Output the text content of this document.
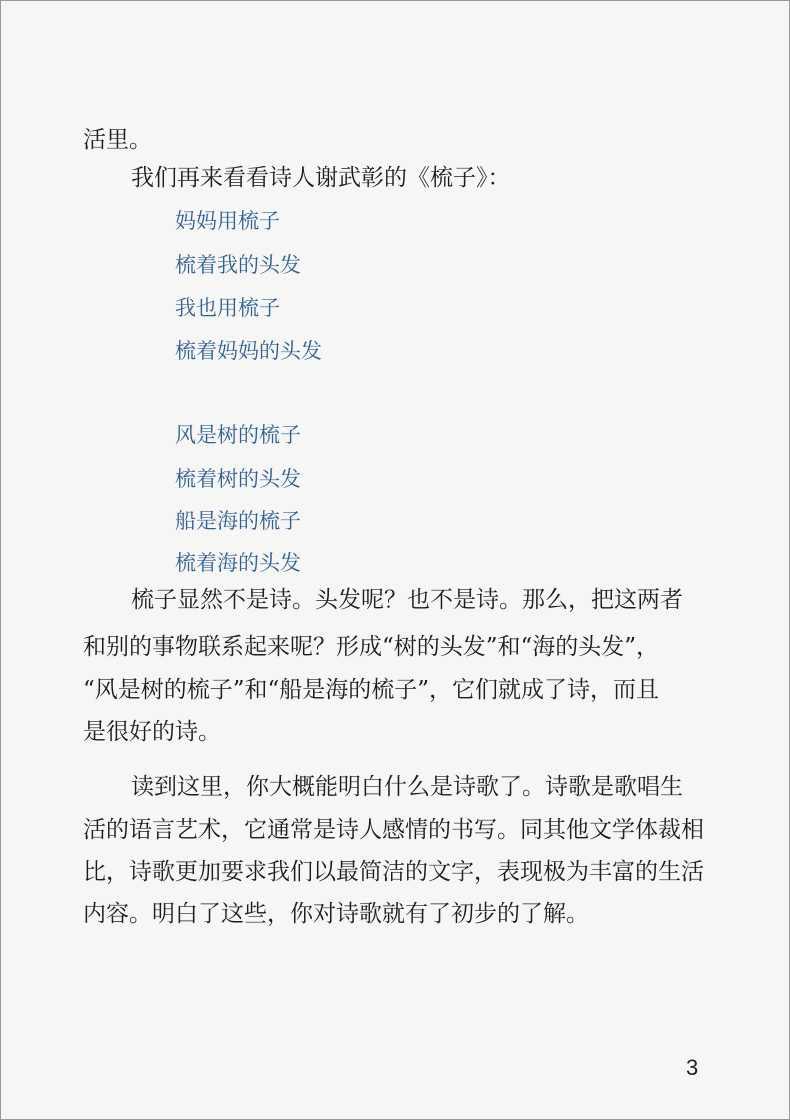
活里。
我们再来看看诗人谢武彰的《梳子》：
妈妈用梳子
梳着我的头发
我也用梳子
梳着妈妈的头发
风是树的梳子
梳着树的头发
船是海的梳子
梳着海的头发
梳子显然不是诗。头发呢？也不是诗。那么，把这两者
和别的事物联系起来呢？形成“树的头发”和“海的头发”，
“风是树的梳子”和“船是海的梳子”，它们就成了诗，而且
是很好的诗。
读到这里，你大概能明白什么是诗歌了。诗歌是歌唱生
活的语言艺术，它通常是诗人感情的书写。同其他文学体裁相
比，诗歌更加要求我们以最简洁的文字，表现极为丰富的生活
内容。明白了这些，你对诗歌就有了初步的了解。
3
